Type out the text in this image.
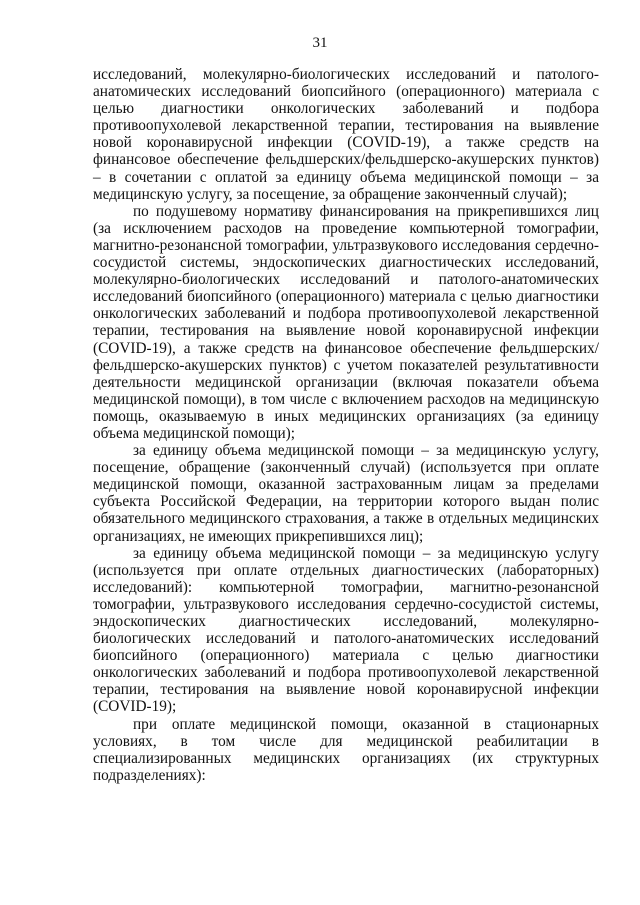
31

исследований, молекулярно-биологических исследований и патолого-анатомических исследований биопсийного (операционного) материала с целью диагностики онкологических заболеваний и подбора противоопухолевой лекарственной терапии, тестирования на выявление новой коронавирусной инфекции (COVID-19), а также средств на финансовое обеспечение фельдшерских/фельдшерско-акушерских пунктов) – в сочетании с оплатой за единицу объема медицинской помощи – за медицинскую услугу, за посещение, за обращение законченный случай);

по подушевому нормативу финансирования на прикрепившихся лиц (за исключением расходов на проведение компьютерной томографии, магнитно-резонансной томографии, ультразвукового исследования сердечно-сосудистой системы, эндоскопических диагностических исследований, молекулярно-биологических исследований и патолого-анатомических исследований биопсийного (операционного) материала с целью диагностики онкологических заболеваний и подбора противоопухолевой лекарственной терапии, тестирования на выявление новой коронавирусной инфекции (COVID-19), а также средств на финансовое обеспечение фельдшерских/фельдшерско-акушерских пунктов) с учетом показателей результативности деятельности медицинской организации (включая показатели объема медицинской помощи), в том числе с включением расходов на медицинскую помощь, оказываемую в иных медицинских организациях (за единицу объема медицинской помощи);

за единицу объема медицинской помощи – за медицинскую услугу, посещение, обращение (законченный случай) (используется при оплате медицинской помощи, оказанной застрахованным лицам за пределами субъекта Российской Федерации, на территории которого выдан полис обязательного медицинского страхования, а также в отдельных медицинских организациях, не имеющих прикрепившихся лиц);

за единицу объема медицинской помощи – за медицинскую услугу (используется при оплате отдельных диагностических (лабораторных) исследований): компьютерной томографии, магнитно-резонансной томографии, ультразвукового исследования сердечно-сосудистой системы, эндоскопических диагностических исследований, молекулярно-биологических исследований и патолого-анатомических исследований биопсийного (операционного) материала с целью диагностики онкологических заболеваний и подбора противоопухолевой лекарственной терапии, тестирования на выявление новой коронавирусной инфекции (COVID-19);

при оплате медицинской помощи, оказанной в стационарных условиях, в том числе для медицинской реабилитации в специализированных медицинских организациях (их структурных подразделениях):
